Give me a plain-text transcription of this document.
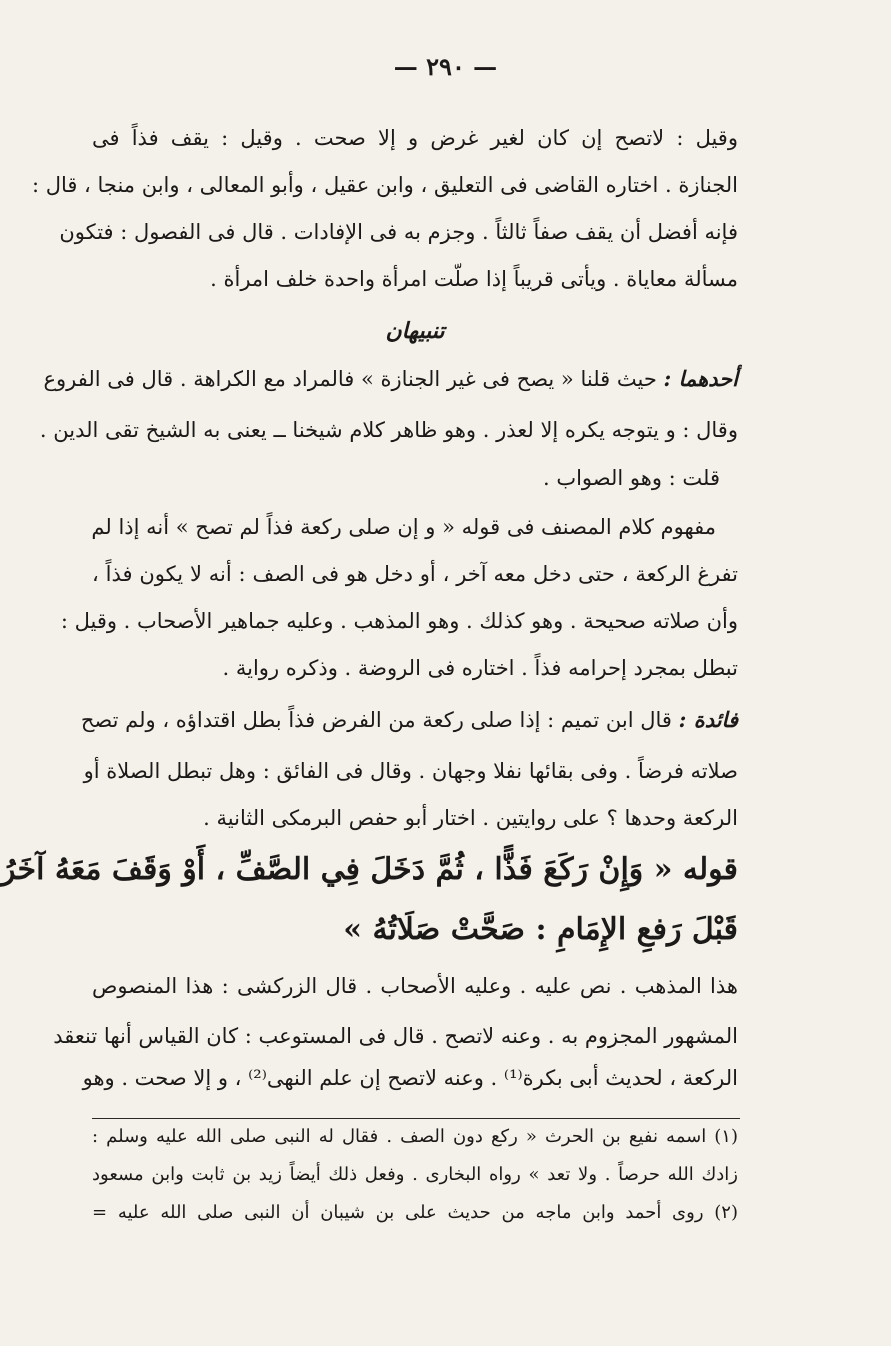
— ٢٩٠ —
وقيل : لاتصح إن كان لغير غرض و إلا صحت . وقيل : يقف فذاً فى
الجنازة . اختاره القاضى فى التعليق ، وابن عقيل ، وأبو المعالى ، وابن منجا ، قال :
فإنه أفضل أن يقف صفاً ثالثاً . وجزم به فى الإفادات . قال فى الفصول : فتكون
مسألة معاياة . ويأتى قريباً إذا صلّت امرأة واحدة خلف امرأة .
تنبيهان
أحدهما : حيث قلنا « يصح فى غير الجنازة » فالمراد مع الكراهة . قال فى الفروع
وقال : و يتوجه يكره إلا لعذر . وهو ظاهر كلام شيخنا ــ يعنى به الشيخ تقى الدين .
قلت : وهو الصواب .
مفهوم كلام المصنف فى قوله « و إن صلى ركعة فذاً لم تصح » أنه إذا لم
تفرغ الركعة ، حتى دخل معه آخر ، أو دخل هو فى الصف : أنه لا يكون فذاً ،
وأن صلاته صحيحة . وهو كذلك . وهو المذهب . وعليه جماهير الأصحاب . وقيل :
تبطل بمجرد إحرامه فذاً . اختاره فى الروضة . وذكره رواية .
فائدة : قال ابن تميم : إذا صلى ركعة من الفرض فذاً بطل اقتداؤه ، ولم تصح
صلاته فرضاً . وفى بقائها نفلا وجهان . وقال فى الفائق : وهل تبطل الصلاة أو
الركعة وحدها ؟ على روايتين . اختار أبو حفص البرمكى الثانية .
قوله « وَإِنْ رَكَعَ فَذًّا ، ثُمَّ دَخَلَ فِي الصَّفِّ ، أَوْ وَقَفَ مَعَهُ آخَرُ
قَبْلَ رَفعِ الإِمَامِ : صَحَّتْ صَلَاتُهُ »
هذا المذهب . نص عليه . وعليه الأصحاب . قال الزركشى : هذا المنصوص
المشهور المجزوم به . وعنه لاتصح . قال فى المستوعب : كان القياس أنها تنعقد
الركعة ، لحديث أبى بكرة⁽¹⁾ . وعنه لاتصح إن علم النهى⁽²⁾ ، و إلا صحت . وهو
(١) اسمه نفيع بن الحرث « ركع دون الصف . فقال له النبى صلى الله عليه وسلم :
زادك الله حرصاً . ولا تعد » رواه البخارى . وفعل ذلك أيضاً زيد بن ثابت وابن مسعود
(٢) روى أحمد وابن ماجه من حديث على بن شيبان أن النبى صلى الله عليه =
